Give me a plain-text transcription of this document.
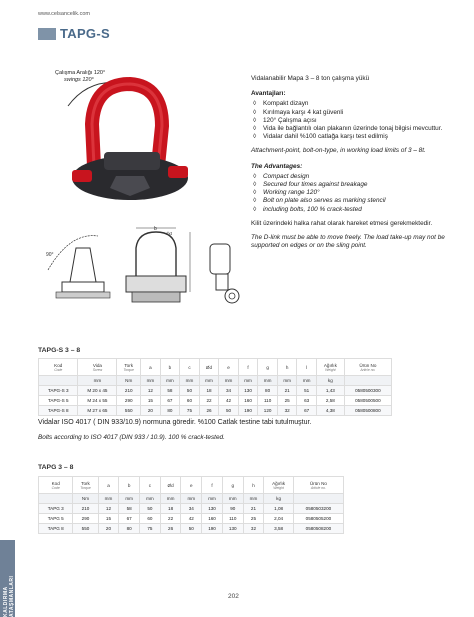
www.celsancelik.com
TAPG-S
Çalışma Aralığı 120°
swings 120°
90°
b
dxt

Vidalanabilir Mapa 3 – 8 ton çalışma yükü

Avantajları:

◊ Kompakt dizayn
◊ Kırılmaya karşı 4 kat güvenli
◊ 120° Çalışma açısı
◊ Vida ile bağlantılı olan plakanın üzerinde tonaj bilgisi mevcuttur.
◊ Vidalar dahil %100 catlağa karşı test edilmiş

Attachment-point, bolt-on-type, in working load limits of 3 – 8t.

The Advantages:

◊ Compact design
◊ Secured four times against breakage
◊ Working range 120°
◊ Bolt on plate also serves as marking stencil
◊ including bolts, 100 % crack-tested

Kilit üzerindeki halka rahat olarak hareket etmesi gerekmektedir.

The D-link must be able to move freely. The load take-up may not be supported on edges or on the sling point.

TAPG-S 3 – 8
Kod
Code	Vida
Screw	Tork
Torque	a	b	c	Ød	e	f	g	h	l	Ağırlık
Weight	Ürün No
Article no.

	mm	Nm	mm	mm	mm	mm	mm	mm	mm	mm	mm	kg	
TAPG-S 3	M 20 x 45	210	12	58	50	18	34	130	80	21	51	1,43	0580500300
TAPG-S 5	M 24 x 55	290	15	67	60	22	42	160	110	25	63	2,58	0580500500
TAPG-S 8	M 27 x 65	550	20	80	75	26	50	190	120	32	67	4,38	0580500800
Vidalar ISO 4017 ( DIN 933/10.9) normuna göredir. %100 Catlak testine tabi tutulmuştur.
Bolts according to ISO 4017 (DIN 933 / 10.9). 100 % crack-tested.
TAPG 3 – 8
Kod
Code	Tork
Torque	a	b	c	Ød	e	f	g	h	Ağırlık
Weight	Ürün No
Article no.

	Nm	mm	mm	mm	mm	mm	mm	mm	mm	kg	
TAPG 3	210	12	58	50	18	34	130	90	21	1,08	0580503200
TAPG 5	290	15	67	60	22	42	160	110	25	2,04	0580505200
TAPG 8	550	20	80	75	26	50	190	130	32	3,58	0580508200
KALDIRMA ATAŞMANLARI	202
